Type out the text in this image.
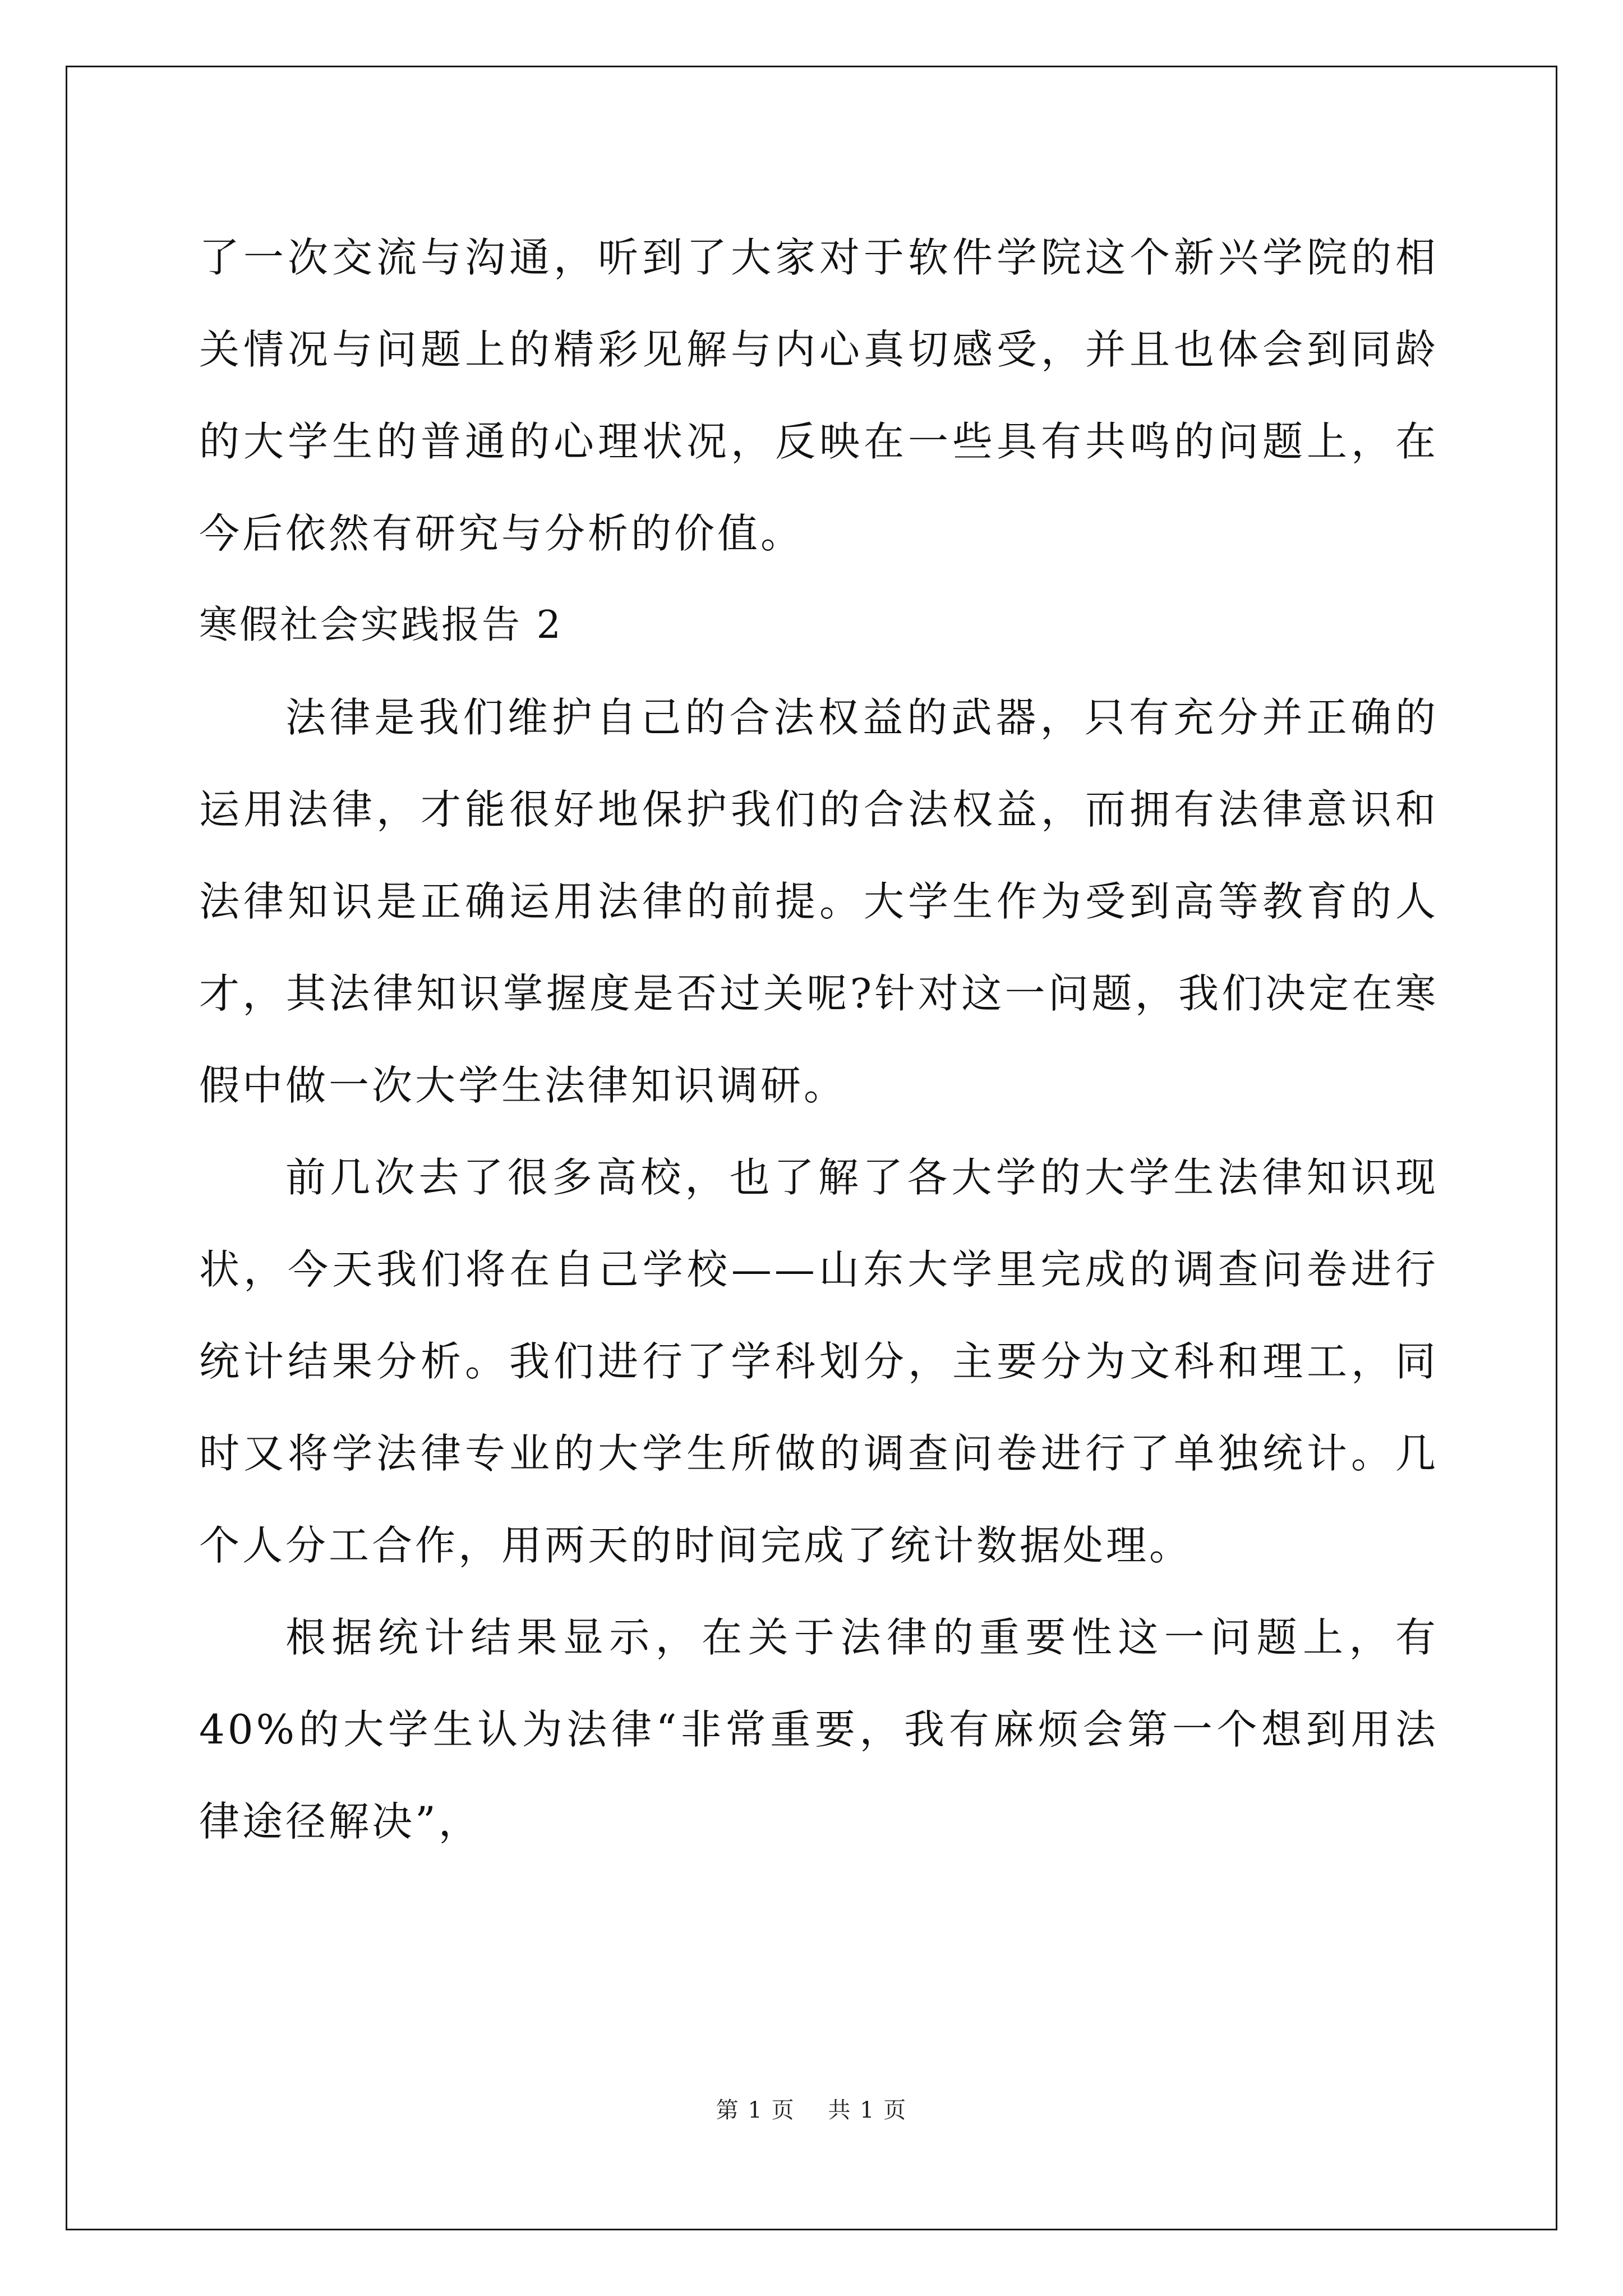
了一次交流与沟通，听到了大家对于软件学院这个新兴学院的相关情况与问题上的精彩见解与内心真切感受，并且也体会到同龄的大学生的普通的心理状况，反映在一些具有共鸣的问题上，在今后依然有研究与分析的价值。

寒假社会实践报告 2

法律是我们维护自己的合法权益的武器，只有充分并正确的运用法律，才能很好地保护我们的合法权益，而拥有法律意识和法律知识是正确运用法律的前提。大学生作为受到高等教育的人才，其法律知识掌握度是否过关呢?针对这一问题，我们决定在寒假中做一次大学生法律知识调研。

前几次去了很多高校，也了解了各大学的大学生法律知识现状，今天我们将在自己学校——山东大学里完成的调查问卷进行统计结果分析。我们进行了学科划分，主要分为文科和理工，同时又将学法律专业的大学生所做的调查问卷进行了单独统计。几个人分工合作，用两天的时间完成了统计数据处理。

根据统计结果显示，在关于法律的重要性这一问题上，有 40%的大学生认为法律“非常重要，我有麻烦会第一个想到用法律途径解决”，

第 1 页    共 1 页
